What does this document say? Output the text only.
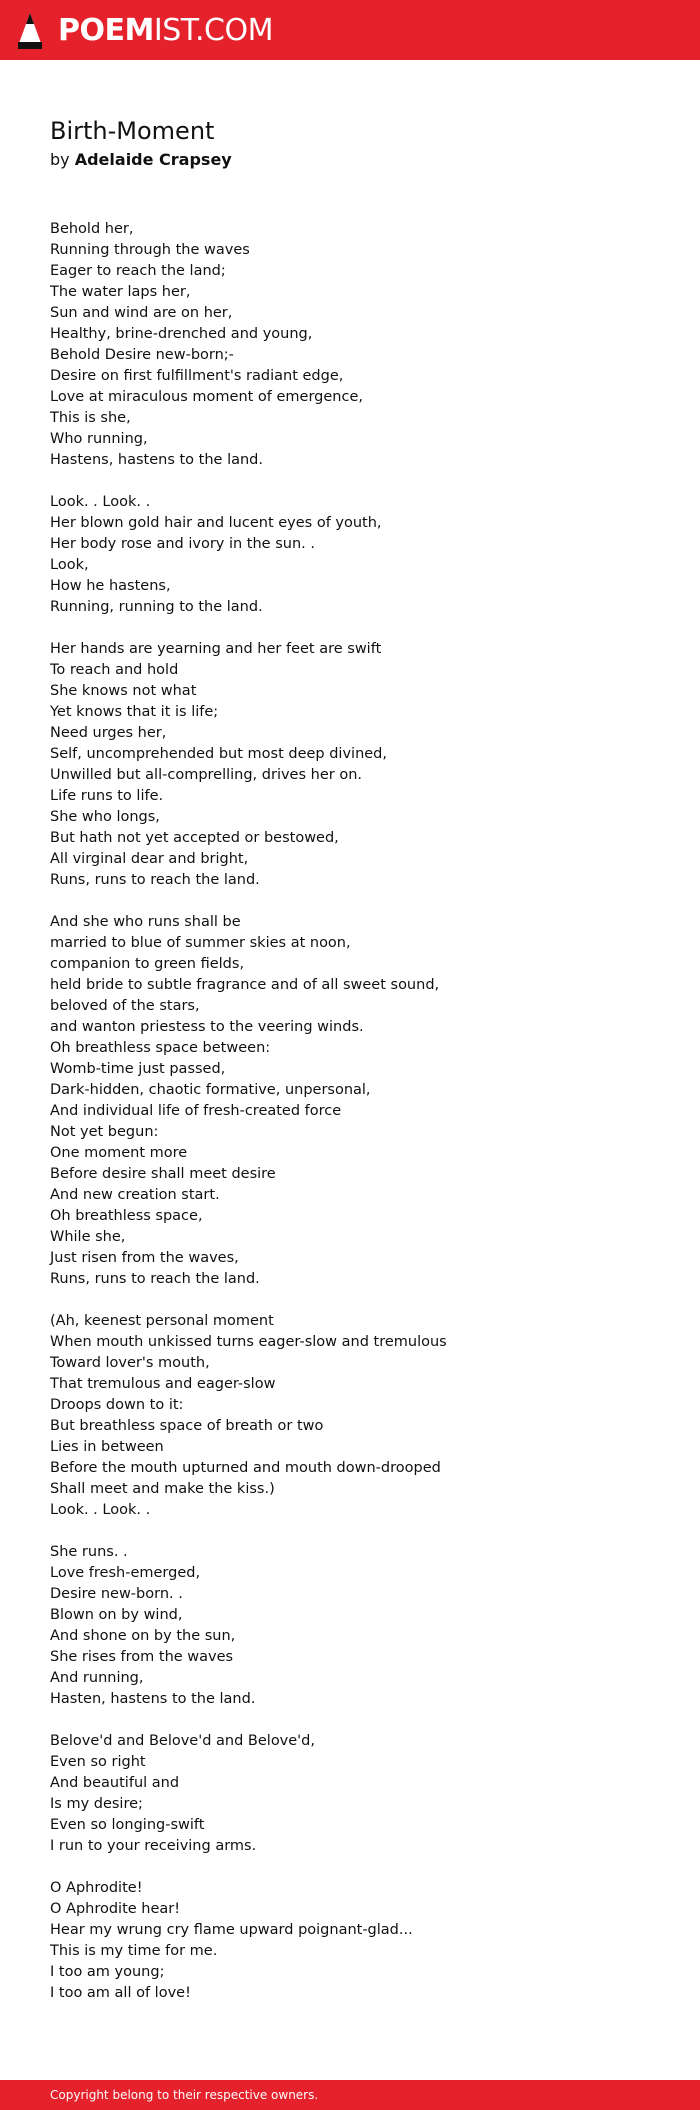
POEMIST.COM
Birth-Moment
by Adelaide Crapsey
Behold her,
Running through the waves
Eager to reach the land;
The water laps her,
Sun and wind are on her,
Healthy, brine-drenched and young,
Behold Desire new-born;-
Desire on first fulfillment's radiant edge,
Love at miraculous moment of emergence,
This is she,
Who running,
Hastens, hastens to the land.
Look. . Look. .
Her blown gold hair and lucent eyes of youth,
Her body rose and ivory in the sun. .
Look,
How he hastens,
Running, running to the land.
Her hands are yearning and her feet are swift
To reach and hold
She knows not what
Yet knows that it is life;
Need urges her,
Self, uncomprehended but most deep divined,
Unwilled but all-comprelling, drives her on.
Life runs to life.
She who longs,
But hath not yet accepted or bestowed,
All virginal dear and bright,
Runs, runs to reach the land.
And she who runs shall be
married to blue of summer skies at noon,
companion to green fields,
held bride to subtle fragrance and of all sweet sound,
beloved of the stars,
and wanton priestess to the veering winds.
Oh breathless space between:
Womb-time just passed,
Dark-hidden, chaotic formative, unpersonal,
And individual life of fresh-created force
Not yet begun:
One moment more
Before desire shall meet desire
And new creation start.
Oh breathless space,
While she,
Just risen from the waves,
Runs, runs to reach the land.
(Ah, keenest personal moment
When mouth unkissed turns eager-slow and tremulous
Toward lover's mouth,
That tremulous and eager-slow
Droops down to it:
But breathless space of breath or two
Lies in between
Before the mouth upturned and mouth down-drooped
Shall meet and make the kiss.)
Look. . Look. .
She runs. .
Love fresh-emerged,
Desire new-born. .
Blown on by wind,
And shone on by the sun,
She rises from the waves
And running,
Hasten, hastens to the land.
Belove'd and Belove'd and Belove'd,
Even so right
And beautiful and
Is my desire;
Even so longing-swift
I run to your receiving arms.
O Aphrodite!
O Aphrodite hear!
Hear my wrung cry flame upward poignant-glad...
This is my time for me.
I too am young;
I too am all of love!
Copyright belong to their respective owners.
